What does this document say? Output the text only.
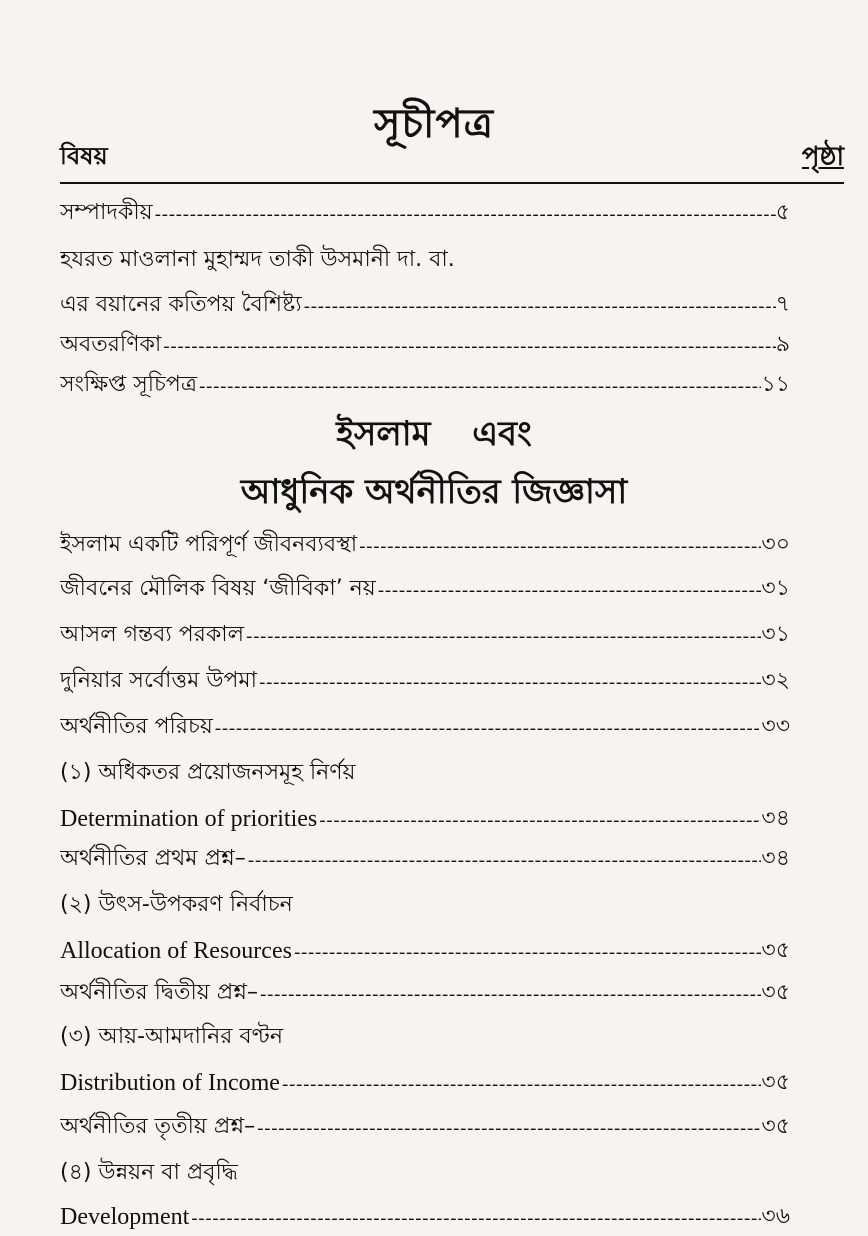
সূচীপত্র
বিষয়	পৃষ্ঠা
সম্পাদকীয় -----	৫
হযরত মাওলানা মুহাম্মদ তাকী উসমানী দা. বা.
এর বয়ানের কতিপয় বৈশিষ্ট্য -----	৭
অবতরণিকা -----	৯
সংক্ষিপ্ত সূচিপত্র -----	১১
ইসলাম এবং
আধুনিক অর্থনীতির জিজ্ঞাসা
ইসলাম একটি পরিপূর্ণ জীবনব্যবস্থা -----	৩০
জীবনের মৌলিক বিষয় ‘জীবিকা’ নয় -----	৩১
আসল গন্তব্য পরকাল -----	৩১
দুনিয়ার সর্বোত্তম উপমা -----	৩২
অর্থনীতির পরিচয় -----	৩৩
(১) অধিকতর প্রয়োজনসমূহ নির্ণয়
Determination of priorities -----	৩৪
অর্থনীতির প্রথম প্রশ্ন– -----	৩৪
(২) উৎস-উপকরণ নির্বাচন
Allocation of Resources -----	৩৫
অর্থনীতির দ্বিতীয় প্রশ্ন– -----	৩৫
(৩) আয়-আমদানির বণ্টন
Distribution of Income -----	৩৫
অর্থনীতির তৃতীয় প্রশ্ন– -----	৩৫
(৪) উন্নয়ন বা প্রবৃদ্ধি
Development -----	৩৬
